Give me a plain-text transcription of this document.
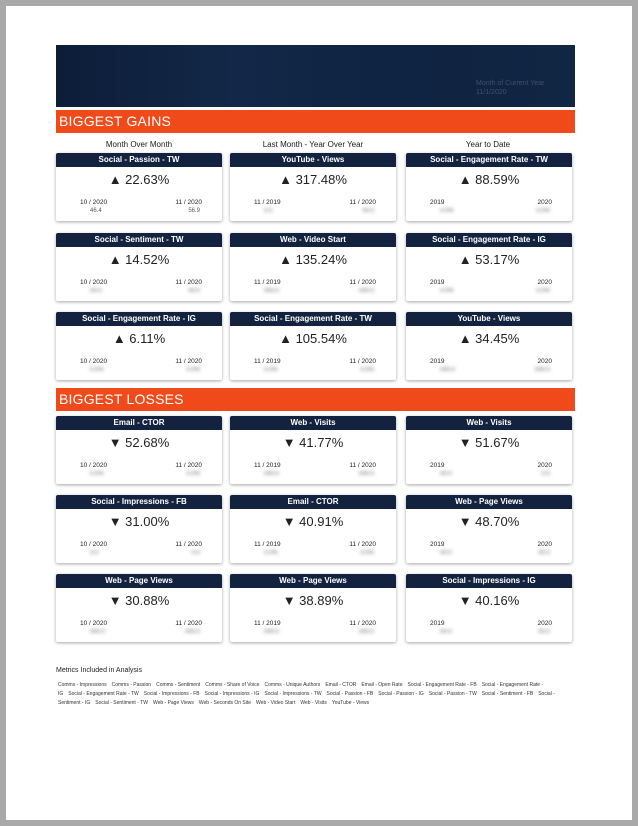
Month of Current Year
11/1/2020
BIGGEST GAINS
Month Over Month	Last Month - Year Over Year	Year to Date
Social - Passion - TW
▲ 22.63%
10 / 2020	11 / 2020
46.4	56.9
YouTube - Views
▲ 317.48%
11 / 2019	11 / 2020
0.0	00.0
Social - Engagement Rate - TW
▲ 88.59%
2019	2020
0.0%	0.0%
Social - Sentiment - TW
▲ 14.52%
10 / 2020	11 / 2020
00.0	00.0
Web - Video Start
▲ 135.24%
11 / 2019	11 / 2020
000.0	000.0
Social - Engagement Rate - IG
▲ 53.17%
2019	2020
0.0%	0.0%
Social - Engagement Rate - IG
▲ 6.11%
10 / 2020	11 / 2020
0.0%	0.0%
Social - Engagement Rate - TW
▲ 105.54%
11 / 2019	11 / 2020
0.0%	0.0%
YouTube - Views
▲ 34.45%
2019	2020
000.0	000.0
BIGGEST LOSSES
Email - CTOR
▼ 52.68%
10 / 2020	11 / 2020
0.0%	0.0%
Web - Visits
▼ 41.77%
11 / 2019	11 / 2020
000.0	000.0
Web - Visits
▼ 51.67%
2019	2020
00.0	0.0
Social - Impressions - FB
▼ 31.00%
10 / 2020	11 / 2020
0.0	0.0
Email - CTOR
▼ 40.91%
11 / 2019	11 / 2020
0.0%	0.0%
Web - Page Views
▼ 48.70%
2019	2020
00.0	00.0
Web - Page Views
▼ 30.88%
10 / 2020	11 / 2020
000.0	000.0
Web - Page Views
▼ 38.89%
11 / 2019	11 / 2020
000.0	000.0
Social - Impressions - IG
▼ 40.16%
2019	2020
00.0	00.0
Metrics Included in Analysis
Comms - Impressions Comms - Passion Comms - Sentiment Comms - Share of Voice Comms - Unique Authors Email - CTOR Email - Open Rate Social - Engagement Rate - FB Social - Engagement Rate - IG Social - Engagement Rate - TW Social - Impressions - FB Social - Impressions - IG Social - Impressions - TW Social - Passion - FB Social - Passion - IG Social - Passion - TW Social - Sentiment - FB Social - Sentiment - IG Social - Sentiment - TW Web - Page Views Web - Seconds On Site Web - Video Start Web - Visits YouTube - Views
